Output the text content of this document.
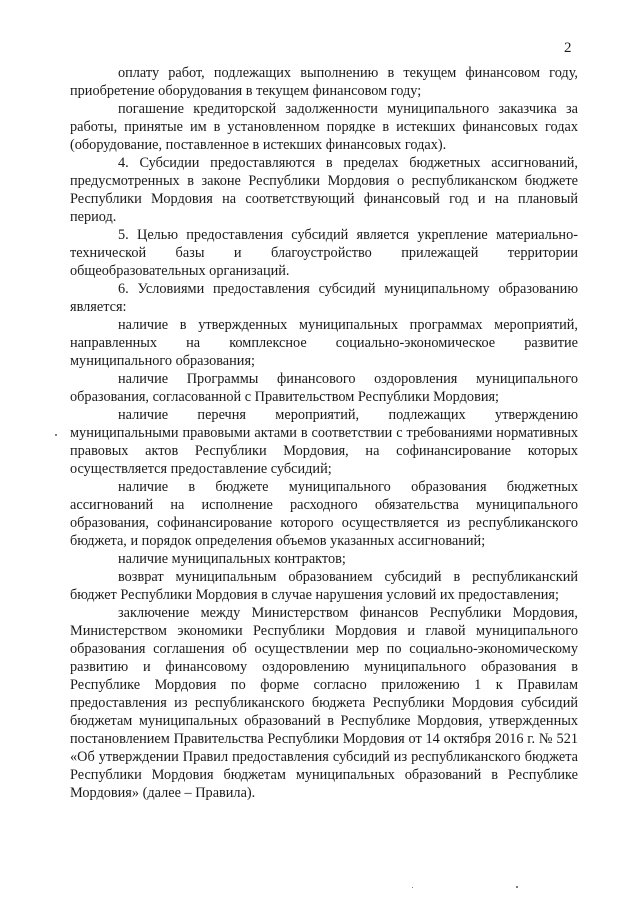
2

оплату работ, подлежащих выполнению в текущем финансовом году, приобретение оборудования в текущем финансовом году;

погашение кредиторской задолженности муниципального заказчика за работы, принятые им в установленном порядке в истекших финансовых годах (оборудование, поставленное в истекших финансовых годах).

4. Субсидии предоставляются в пределах бюджетных ассигнований, предусмотренных в законе Республики Мордовия о республиканском бюджете Республики Мордовия на соответствующий финансовый год и на плановый период.

5. Целью предоставления субсидий является укрепление материально-технической базы и благоустройство прилежащей территории общеобразовательных организаций.

6. Условиями предоставления субсидий муниципальному образованию является:

наличие в утвержденных муниципальных программах мероприятий, направленных на комплексное социально-экономическое развитие муниципального образования;

наличие Программы финансового оздоровления муниципального образования, согласованной с Правительством Республики Мордовия;

наличие перечня мероприятий, подлежащих утверждению муниципальными правовыми актами в соответствии с требованиями нормативных правовых актов Республики Мордовия, на софинансирование которых осуществляется предоставление субсидий;

наличие в бюджете муниципального образования бюджетных ассигнований на исполнение расходного обязательства муниципального образования, софинансирование которого осуществляется из республиканского бюджета, и порядок определения объемов указанных ассигнований;

наличие муниципальных контрактов;

возврат муниципальным образованием субсидий в республиканский бюджет Республики Мордовия в случае нарушения условий их предоставления;

заключение между Министерством финансов Республики Мордовия, Министерством экономики Республики Мордовия и главой муниципального образования соглашения об осуществлении мер по социально-экономическому развитию и финансовому оздоровлению муниципального образования в Республике Мордовия по форме согласно приложению 1 к Правилам предоставления из республиканского бюджета Республики Мордовия субсидий бюджетам муниципальных образований в Республике Мордовия, утвержденных постановлением Правительства Республики Мордовия от 14 октября 2016 г. № 521 «Об утверждении Правил предоставления субсидий из республиканского бюджета Республики Мордовия бюджетам муниципальных образований в Республике Мордовия» (далее – Правила).
